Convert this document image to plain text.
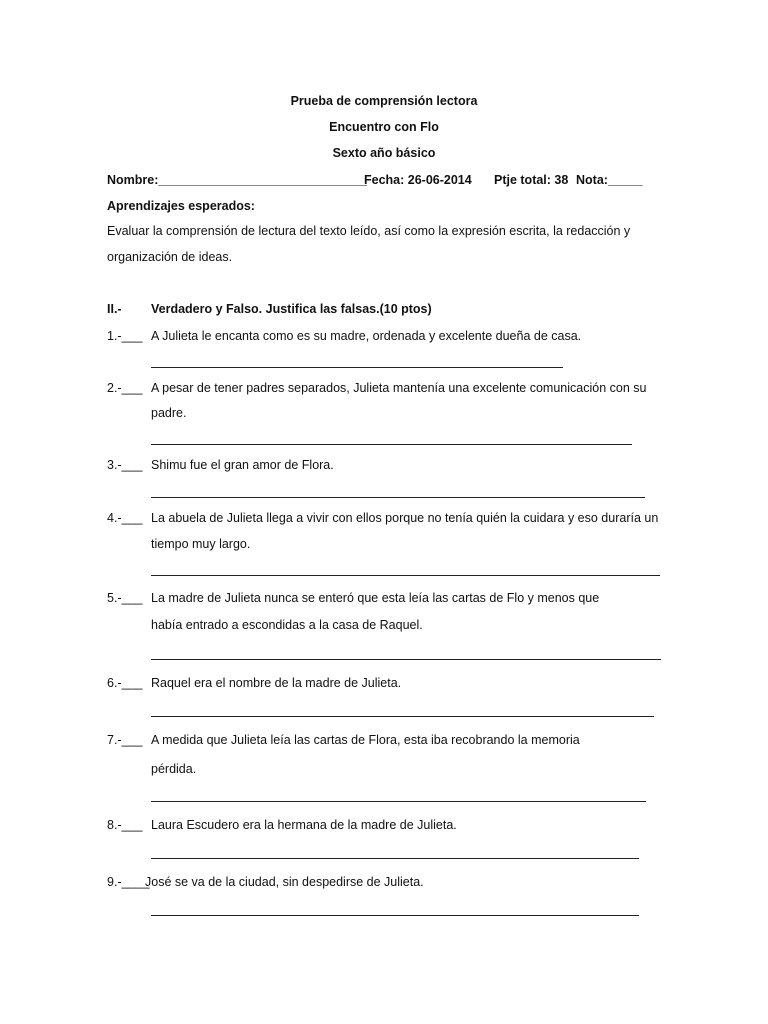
Prueba de comprensión lectora
Encuentro con Flo
Sexto año básico
Nombre:______________________________
Fecha: 26-06-2014 Ptje total: 38 Nota:_____
Aprendizajes esperados:
Evaluar la comprensión de lectura del texto leído, así como la expresión escrita, la redacción y
organización de ideas.
II.- Verdadero y Falso. Justifica las falsas.(10 ptos)
1.-___ A Julieta le encanta como es su madre, ordenada y excelente dueña de casa.
2.-___ A pesar de tener padres separados, Julieta mantenía una excelente comunicación con su
padre.
3.-___ Shimu fue el gran amor de Flora.
4.-___ La abuela de Julieta llega a vivir con ellos porque no tenía quién la cuidara y eso duraría un
tiempo muy largo.
5.-___ La madre de Julieta nunca se enteró que esta leía las cartas de Flo y menos que
había entrado a escondidas a la casa de Raquel.
6.-___ Raquel era el nombre de la madre de Julieta.
7.-___ A medida que Julieta leía las cartas de Flora, esta iba recobrando la memoria
pérdida.
8.-___ Laura Escudero era la hermana de la madre de Julieta.
9.-____
José se va de la ciudad, sin despedirse de Julieta.
